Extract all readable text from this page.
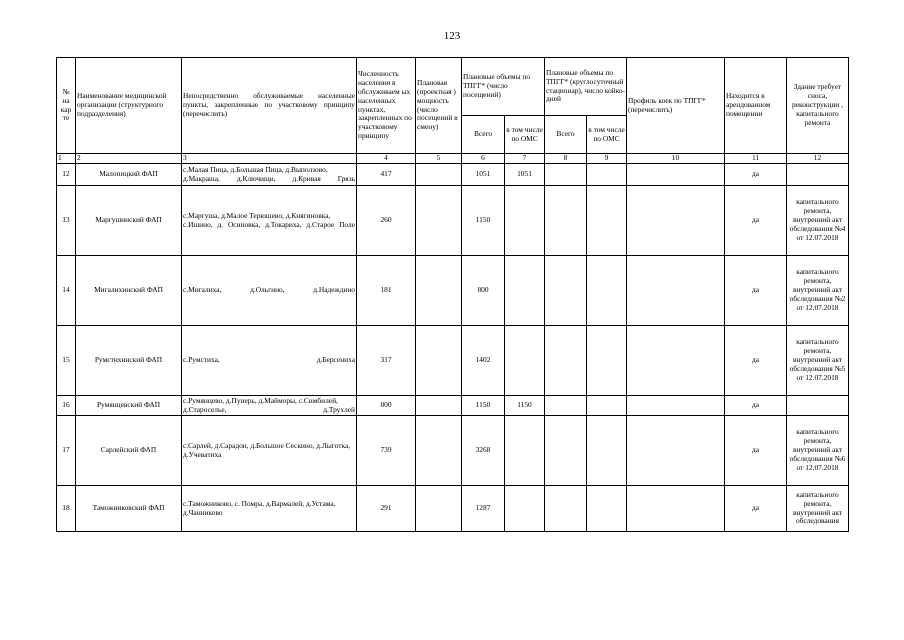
123
№ на кар те	Наименование медицинской организации (структурного подразделения)	Непосредственно обслуживаемые населенные пункты, закрепленные по участковому принципу (перечислить)	Численность населения в обслуживаем ых населенных пунктах, закрепленных по участковому принципу	Плановая (проектная ) мощность (число посещений в смену)	Плановые объемы по ТПГГ* (число посещений)		Плановые объемы по ТПГГ* (круглосуточный стационар), число койко-дней		Профиль коек по ТПГГ* (перечислить)	Находится в арендованном помещении	Здание требует сноса, реконструкции , капитального ремонта
					Всего	в том числе по ОМС	Всего	в том числе по ОМС			
1	2	3	4	5	6	7	8	9	10	11	12
12	Малопицкий ФАП	с.Малая Пица, д.Большая Пица, д.Выползово, д.Макрашa, д.Ключищи, д.Кривая Грязь	417		1051	1051				да	
13	Маргушинский ФАП	с.Маргуша, д.Малое Терюшево, д.Княгиновка, с.Ишино, д. Осиновка, д.Токариха, д.Старое Поле	260		1150					да	капитального ремонта, внутренний акт обследования №4 от 12.07.2018
14	Мигалихинский ФАП	с.Мигалиха, д.Ольгино, д.Надеждино	181		800					да	капитального ремонта, внутренний акт обследования №2 от 12.07.2018
15	Румстихинский ФАП	с.Румстиха, д.Берсениха	317		1402					да	капитального ремонта, внутренний акт обследования №5 от 12.07.2018
16	Румянцевский ФАП	с.Румянцево, д.Пунерь, д.Майморы, с.Симбилей, д.Староселье, д.Трухлей	800		1150	1150				да	
17	Сарлейский ФАП	с.Сарлей, д.Сарадон, д.Большое Сескино, д.Лыготка, д.Учеватиха	739		3268					да	капитального ремонта, внутренний акт обследования №6 от 12.07.2018
18	Таможниковский ФАП	с.Таможниково, с. Помра, д.Вармалей, д.Устама, д.Чанниково	291		1287					да	капитального ремонта, внутренний акт обследования
